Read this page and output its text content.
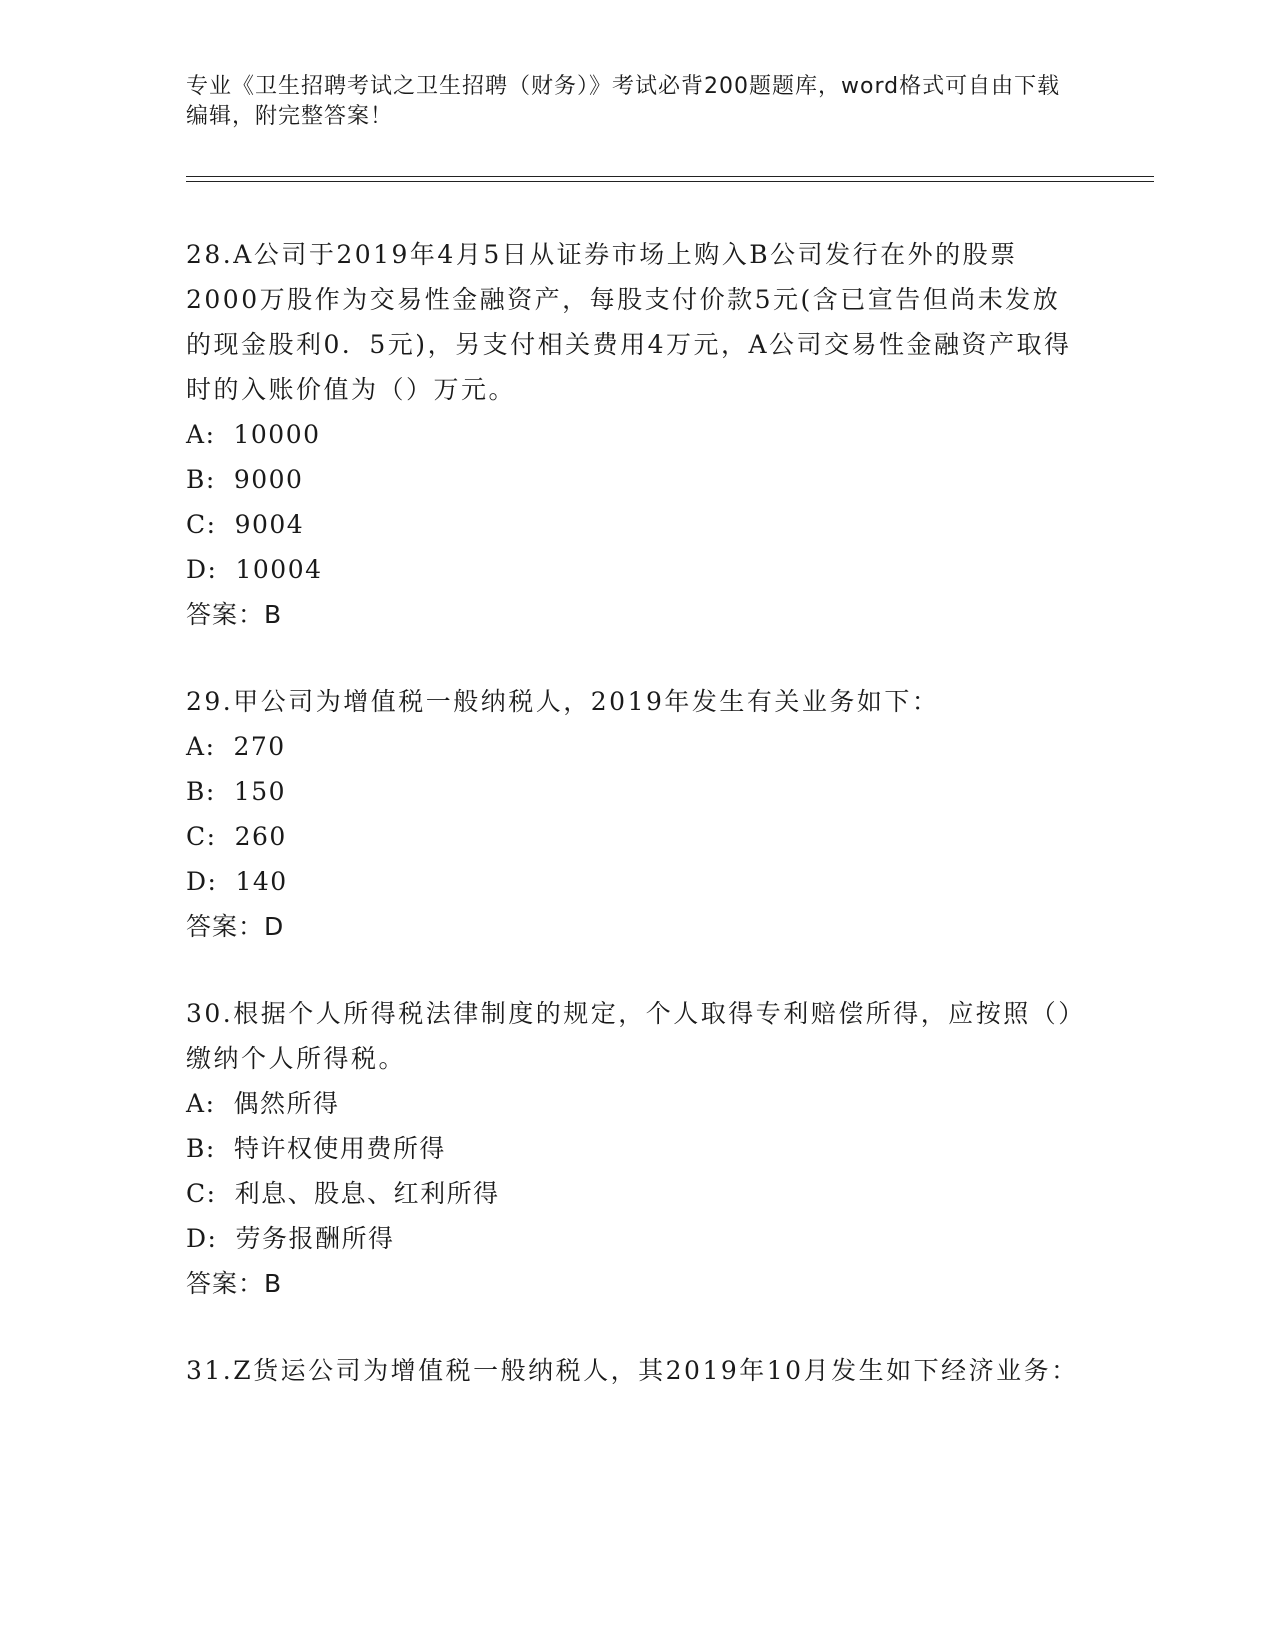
专业《卫生招聘考试之卫生招聘（财务）》考试必背200题题库，word格式可自由下载编辑，附完整答案！

28.A公司于2019年4月5日从证券市场上购入B公司发行在外的股票2000万股作为交易性金融资产，每股支付价款5元(含已宣告但尚未发放的现金股利0．5元)，另支付相关费用4万元，A公司交易性金融资产取得时的入账价值为（）万元。

A: 10000

B: 9000

C: 9004

D: 10004

答案：B

29.甲公司为增值税一般纳税人，2019年发生有关业务如下：

A: 270

B: 150

C: 260

D: 140

答案：D

30.根据个人所得税法律制度的规定，个人取得专利赔偿所得，应按照（）缴纳个人所得税。

A: 偶然所得

B: 特许权使用费所得

C: 利息、股息、红利所得

D: 劳务报酬所得

答案：B

31.Z货运公司为增值税一般纳税人，其2019年10月发生如下经济业务：
